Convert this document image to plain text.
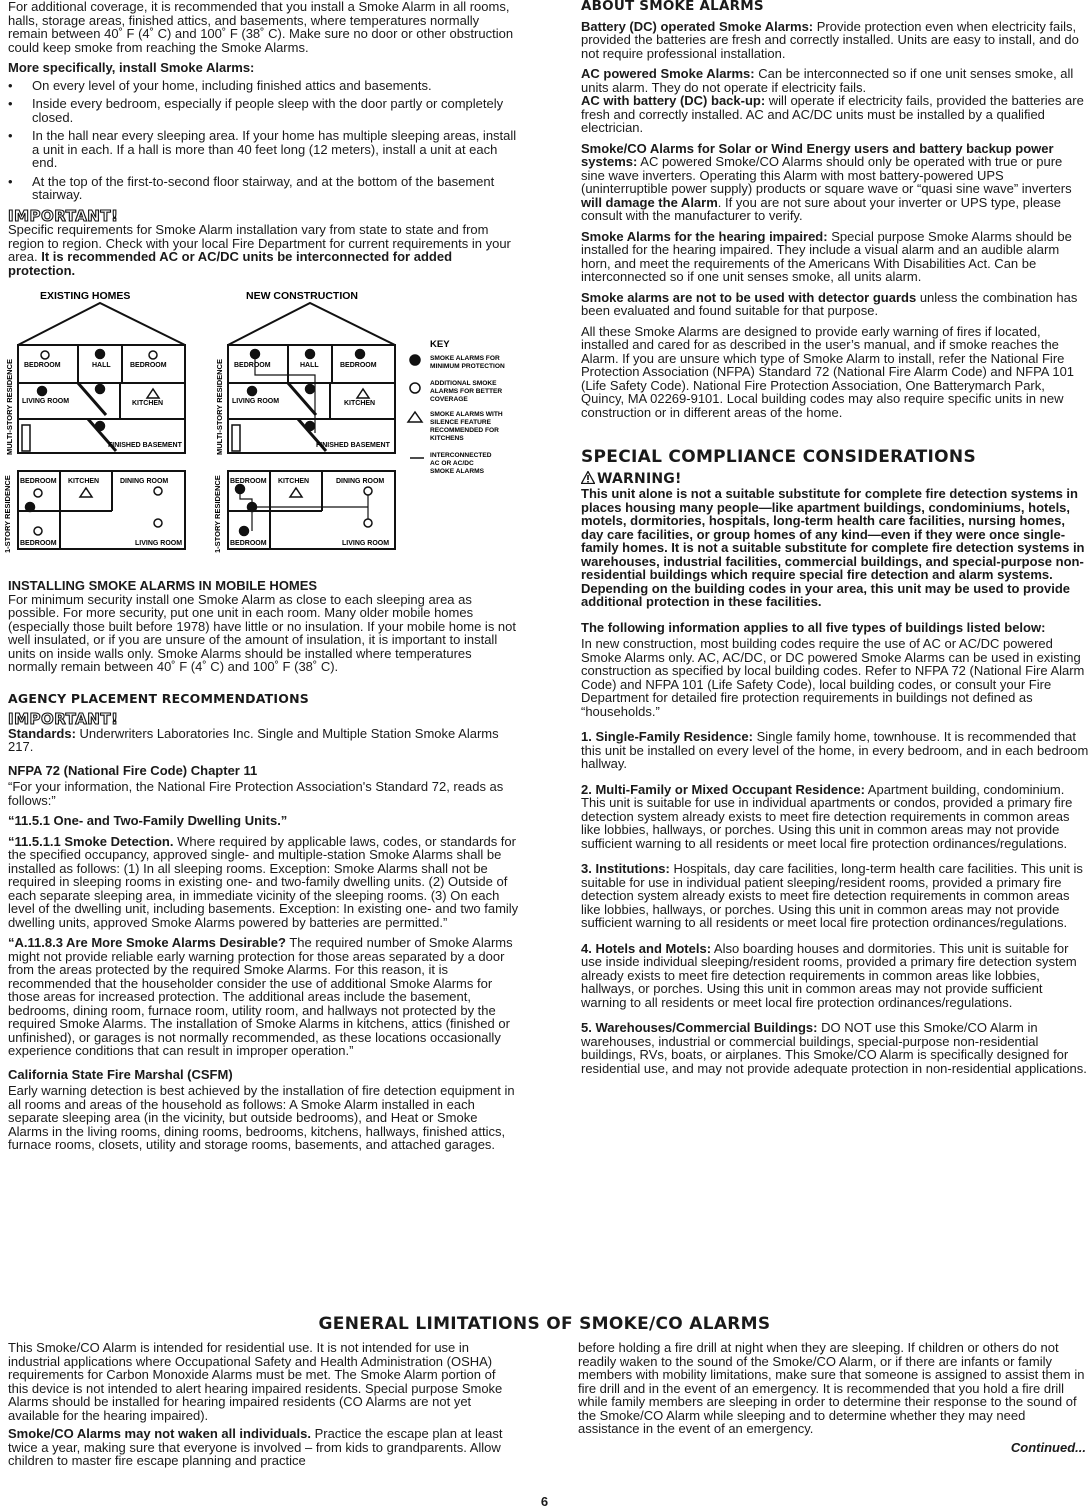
For additional coverage, it is recommended that you install a Smoke Alarm in all rooms, halls, storage areas, finished attics, and basements, where temperatures normally remain between 40˚ F (4˚ C) and 100˚ F (38˚ C). Make sure no door or other obstruction could keep smoke from reaching the Smoke Alarms.

More specifically, install Smoke Alarms:

• On every level of your home, including finished attics and basements.
• Inside every bedroom, especially if people sleep with the door partly or completely closed.
• In the hall near every sleeping area. If your home has multiple sleeping areas, install a unit in each. If a hall is more than 40 feet long (12 meters), install a unit at each end.
• At the top of the first-to-second floor stairway, and at the bottom of the basement stairway.
IMPORTANT!

Specific requirements for Smoke Alarm installation vary from state to state and from region to region. Check with your local Fire Department for current requirements in your area. It is recommended AC or AC/DC units be interconnected for added protection.

EXISTING HOMES	NEW CONSTRUCTION
BEDROOM	HALL	BEDROOM
LIVING ROOM	KITCHEN
FINISHED BASEMENT
MULTI-STORY RESIDENCE
BEDROOM KITCHEN	DINING ROOM
BEDROOM	LIVING ROOM
1-STORY RESIDENCE
BEDROOM	HALL	BEDROOM
LIVING ROOM	KITCHEN
FINISHED BASEMENT
MULTI-STORY RESIDENCE
BEDROOM KITCHEN	DINING ROOM
BEDROOM	LIVING ROOM
1-STORY RESIDENCE
KEY
SMOKE ALARMS FOR MINIMUM PROTECTION
ADDITIONAL SMOKE ALARMS FOR BETTER COVERAGE
SMOKE ALARMS WITH SILENCE FEATURE RECOMMENDED FOR KITCHENS
INTERCONNECTED AC OR AC/DC SMOKE ALARMS

INSTALLING SMOKE ALARMS IN MOBILE HOMES

For minimum security install one Smoke Alarm as close to each sleeping area as possible. For more security, put one unit in each room. Many older mobile homes (especially those built before 1978) have little or no insulation. If your mobile home is not well insulated, or if you are unsure of the amount of insulation, it is important to install units on inside walls only. Smoke Alarms should be installed where temperatures normally remain between 40˚ F (4˚ C) and 100˚ F (38˚ C).

AGENCY PLACEMENT RECOMMENDATIONS
IMPORTANT!

Standards: Underwriters Laboratories Inc. Single and Multiple Station Smoke Alarms 217.

NFPA 72 (National Fire Code) Chapter 11

“For your information, the National Fire Protection Association's Standard 72, reads as follows:”

“11.5.1 One- and Two-Family Dwelling Units.”

“11.5.1.1 Smoke Detection. Where required by applicable laws, codes, or standards for the specified occupancy, approved single- and multiple-station Smoke Alarms shall be installed as follows: (1) In all sleeping rooms. Exception: Smoke Alarms shall not be required in sleeping rooms in existing one- and two-family dwelling units. (2) Outside of each separate sleeping area, in immediate vicinity of the sleeping rooms. (3) On each level of the dwelling unit, including basements. Exception: In existing one- and two family dwelling units, approved Smoke Alarms powered by batteries are permitted.”

“A.11.8.3 Are More Smoke Alarms Desirable? The required number of Smoke Alarms might not provide reliable early warning protection for those areas separated by a door from the areas protected by the required Smoke Alarms. For this reason, it is recommended that the householder consider the use of additional Smoke Alarms for those areas for increased protection. The additional areas include the basement, bedrooms, dining room, furnace room, utility room, and hallways not protected by the required Smoke Alarms. The installation of Smoke Alarms in kitchens, attics (finished or unfinished), or garages is not normally recommended, as these locations occasionally experience conditions that can result in improper operation.”

California State Fire Marshal (CSFM)

Early warning detection is best achieved by the installation of fire detection equipment in all rooms and areas of the household as follows: A Smoke Alarm installed in each separate sleeping area (in the vicinity, but outside bedrooms), and Heat or Smoke Alarms in the living rooms, dining rooms, bedrooms, kitchens, hallways, finished attics, furnace rooms, closets, utility and storage rooms, basements, and attached garages.

ABOUT SMOKE ALARMS

Battery (DC) operated Smoke Alarms: Provide protection even when electricity fails, provided the batteries are fresh and correctly installed. Units are easy to install, and do not require professional installation.

AC powered Smoke Alarms: Can be interconnected so if one unit senses smoke, all units alarm. They do not operate if electricity fails.

AC with battery (DC) back-up: will operate if electricity fails, provided the batteries are fresh and correctly installed. AC and AC/DC units must be installed by a qualified electrician.

Smoke/CO Alarms for Solar or Wind Energy users and battery backup power systems: AC powered Smoke/CO Alarms should only be operated with true or pure sine wave inverters. Operating this Alarm with most battery-powered UPS (uninterruptible power supply) products or square wave or “quasi sine wave” inverters will damage the Alarm. If you are not sure about your inverter or UPS type, please consult with the manufacturer to verify.

Smoke Alarms for the hearing impaired: Special purpose Smoke Alarms should be installed for the hearing impaired. They include a visual alarm and an audible alarm horn, and meet the requirements of the Americans With Disabilities Act. Can be interconnected so if one unit senses smoke, all units alarm.

Smoke alarms are not to be used with detector guards unless the combination has been evaluated and found suitable for that purpose.

All these Smoke Alarms are designed to provide early warning of fires if located, installed and cared for as described in the user’s manual, and if smoke reaches the Alarm. If you are unsure which type of Smoke Alarm to install, refer the National Fire Protection Association (NFPA) Standard 72 (National Fire Alarm Code) and NFPA 101 (Life Safety Code). National Fire Protection Association, One Batterymarch Park, Quincy, MA 02269-9101. Local building codes may also require specific units in new construction or in different areas of the home.

SPECIAL COMPLIANCE CONSIDERATIONS
WARNING!

This unit alone is not a suitable substitute for complete fire detection systems in places housing many people—like apartment buildings, condominiums, hotels, motels, dormitories, hospitals, long-term health care facilities, nursing homes, day care facilities, or group homes of any kind—even if they were once single-family homes. It is not a suitable substitute for complete fire detection systems in warehouses, industrial facilities, commercial buildings, and special-purpose non-residential buildings which require special fire detection and alarm systems. Depending on the building codes in your area, this unit may be used to provide additional protection in these facilities.

The following information applies to all five types of buildings listed below:

In new construction, most building codes require the use of AC or AC/DC powered Smoke Alarms only. AC, AC/DC, or DC powered Smoke Alarms can be used in existing construction as specified by local building codes. Refer to NFPA 72 (National Fire Alarm Code) and NFPA 101 (Life Safety Code), local building codes, or consult your Fire Department for detailed fire protection requirements in buildings not defined as “households.”

1. Single-Family Residence: Single family home, townhouse. It is recommended that this unit be installed on every level of the home, in every bedroom, and in each bedroom hallway.

2. Multi-Family or Mixed Occupant Residence: Apartment building, condominium. This unit is suitable for use in individual apartments or condos, provided a primary fire detection system already exists to meet fire detection requirements in common areas like lobbies, hallways, or porches. Using this unit in common areas may not provide sufficient warning to all residents or meet local fire protection ordinances/regulations.

3. Institutions: Hospitals, day care facilities, long-term health care facilities. This unit is suitable for use in individual patient sleeping/resident rooms, provided a primary fire detection system already exists to meet fire detection requirements in common areas like lobbies, hallways, or porches. Using this unit in common areas may not provide sufficient warning to all residents or meet local fire protection ordinances/regulations.

4. Hotels and Motels: Also boarding houses and dormitories. This unit is suitable for use inside individual sleeping/resident rooms, provided a primary fire detection system already exists to meet fire detection requirements in common areas like lobbies, hallways, or porches. Using this unit in common areas may not provide sufficient warning to all residents or meet local fire protection ordinances/regulations.

5. Warehouses/Commercial Buildings: DO NOT use this Smoke/CO Alarm in warehouses, industrial or commercial buildings, special-purpose non-residential buildings, RVs, boats, or airplanes. This Smoke/CO Alarm is specifically designed for residential use, and may not provide adequate protection in non-residential applications.

GENERAL LIMITATIONS OF SMOKE/CO ALARMS

This Smoke/CO Alarm is intended for residential use. It is not intended for use in industrial applications where Occupational Safety and Health Administration (OSHA) requirements for Carbon Monoxide Alarms must be met. The Smoke Alarm portion of this device is not intended to alert hearing impaired residents. Special purpose Smoke Alarms should be installed for hearing impaired residents (CO Alarms are not yet available for the hearing impaired).

Smoke/CO Alarms may not waken all individuals. Practice the escape plan at least twice a year, making sure that everyone is involved – from kids to grandparents. Allow children to master fire escape planning and practice

before holding a fire drill at night when they are sleeping. If children or others do not readily waken to the sound of the Smoke/CO Alarm, or if there are infants or family members with mobility limitations, make sure that someone is assigned to assist them in fire drill and in the event of an emergency. It is recommended that you hold a fire drill while family members are sleeping in order to determine their response to the sound of the Smoke/CO Alarm while sleeping and to determine whether they may need assistance in the event of an emergency.

Continued...

6
